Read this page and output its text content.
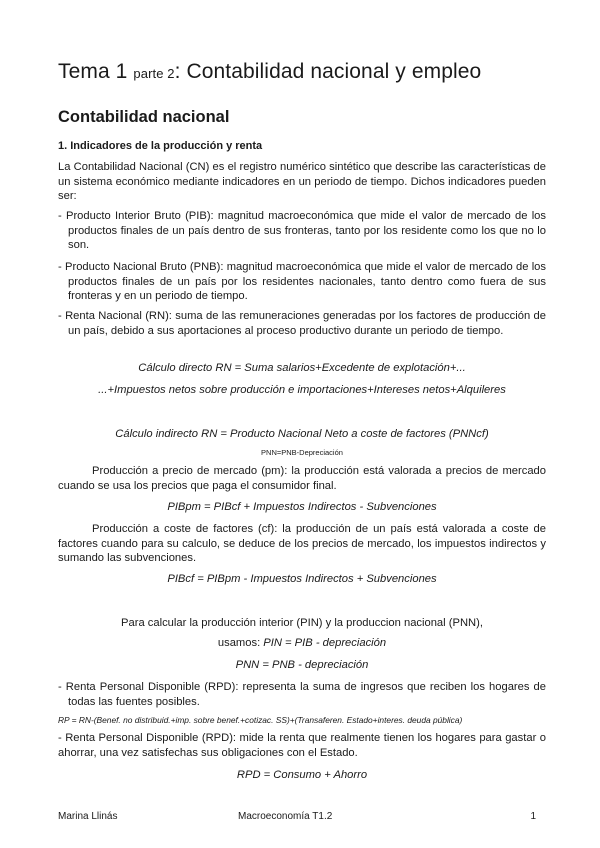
Tema 1 parte 2: Contabilidad nacional y empleo
Contabilidad nacional
1. Indicadores de la producción y renta
La Contabilidad Nacional (CN) es el registro numérico sintético que describe las características de un sistema económico mediante indicadores en un periodo de tiempo. Dichos indicadores pueden ser:
- Producto Interior Bruto (PIB): magnitud macroeconómica que mide el valor de mercado de los productos finales de un país dentro de sus fronteras, tanto por los residente como los que no lo son.
- Producto Nacional Bruto (PNB): magnitud macroeconómica que mide el valor de mercado de los productos finales de un país por los residentes nacionales, tanto dentro como fuera de sus fronteras y en un periodo de tiempo.
- Renta Nacional (RN): suma de las remuneraciones generadas por los factores de producción de un país, debido a sus aportaciones al proceso productivo durante un periodo de tiempo.
Cálculo directo RN = Suma salarios+Excedente de explotación+...
...+Impuestos netos sobre producción e importaciones+Intereses netos+Alquileres
Cálculo indirecto RN = Producto Nacional Neto a coste de factores (PNNcf)
PNN=PNB-Depreciación
Producción a precio de mercado (pm): la producción está valorada a precios de mercado cuando se usa los precios que paga el consumidor final.
PIBpm = PIBcf + Impuestos Indirectos - Subvenciones
Producción a coste de factores (cf): la producción de un país está valorada a coste de factores cuando para su calculo, se deduce de los precios de mercado, los impuestos indirectos y sumando las subvenciones.
PIBcf = PIBpm - Impuestos Indirectos + Subvenciones
Para calcular la producción interior (PIN) y la produccion nacional (PNN),
usamos: PIN = PIB - depreciación
PNN = PNB - depreciación
- Renta Personal Disponible (RPD): representa la suma de ingresos que reciben los hogares de todas las fuentes posibles.
RP = RN-(Benef. no distribuid.+imp. sobre benef.+cotizac. SS)+(Transaferen. Estado+interes. deuda pública)
- Renta Personal Disponible (RPD): mide la renta que realmente tienen los hogares para gastar o ahorrar, una vez satisfechas sus obligaciones con el Estado.
RPD = Consumo + Ahorro
Marina Llinás	Macroeconomía T1.2	1
